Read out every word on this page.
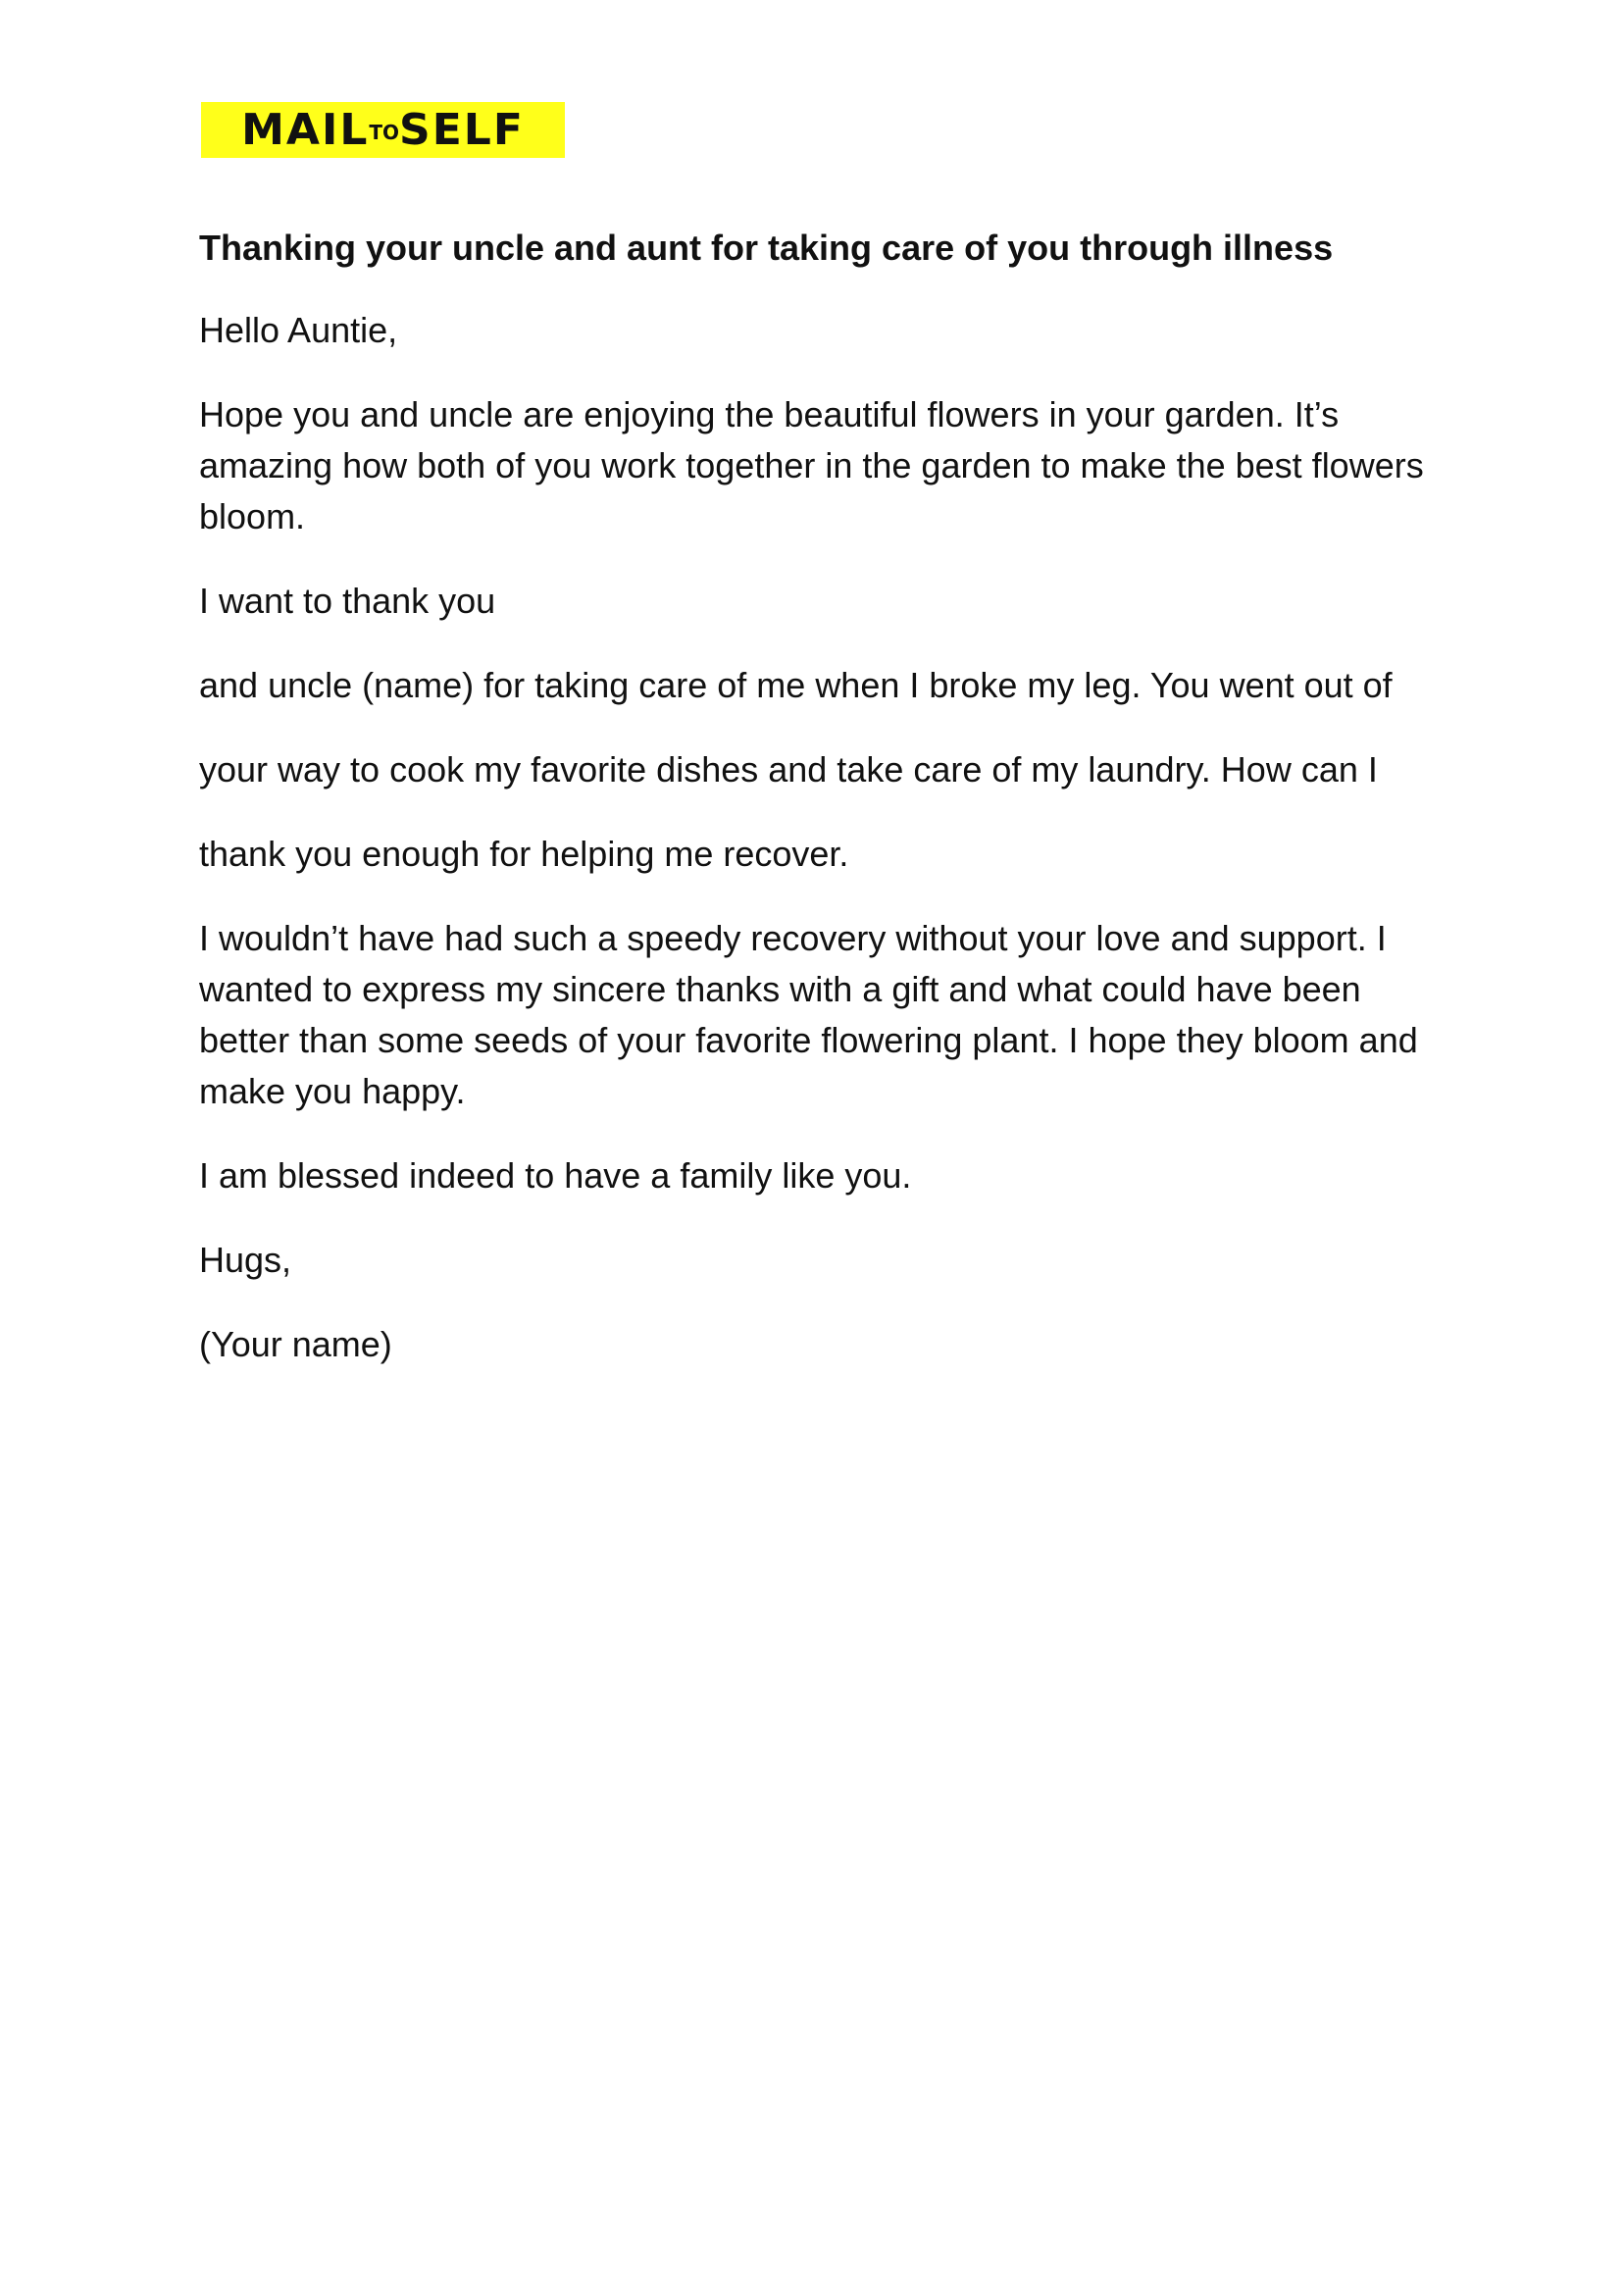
MAILTOSELF
Thanking your uncle and aunt for taking care of you through illness

Hello Auntie,

Hope you and uncle are enjoying the beautiful flowers in your garden. It’s amazing how both of you work together in the garden to make the best flowers bloom.

I want to thank you

and uncle (name) for taking care of me when I broke my leg. You went out of

your way to cook my favorite dishes and take care of my laundry. How can I

thank you enough for helping me recover.

I wouldn’t have had such a speedy recovery without your love and support. I wanted to express my sincere thanks with a gift and what could have been better than some seeds of your favorite flowering plant. I hope they bloom and make you happy.

I am blessed indeed to have a family like you.

Hugs,

(Your name)
